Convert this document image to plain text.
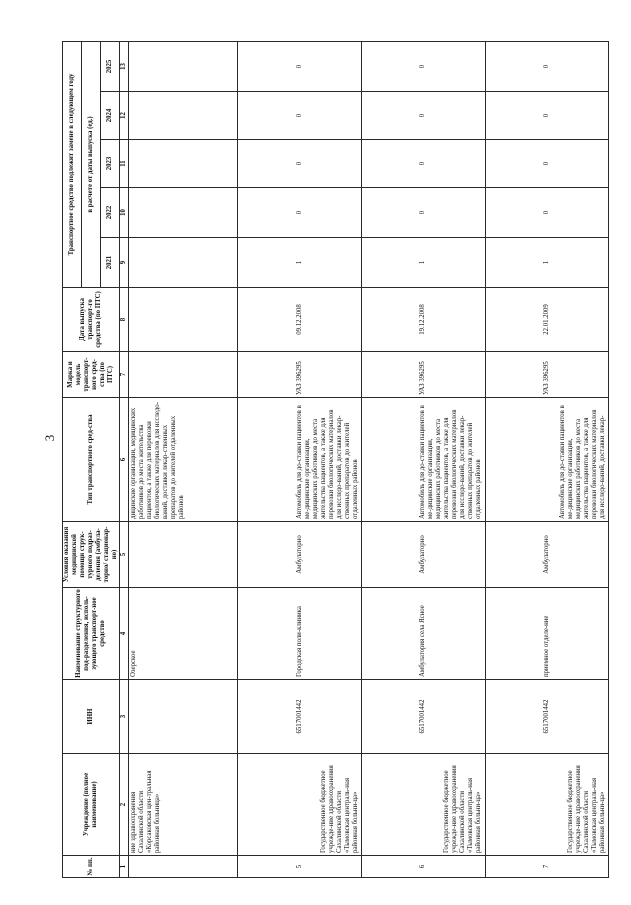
3
№ пп.	Учреждение (полное наименование)	ИНН	Наименование структурного под-разделения, исполь-зующего транспорт-ное средство	Условия оказания медицинской помощи струк-турного подраз-деления (амбула-торно/ стационар-но)	Тип транспортного сред-ства	Марка и модель транспорт-ного сред-ства (по ПТС)	Дата выпуска транспорт-го средства (по ПТС)	Транспортное средство подлежит замене в следующем году				
								в расчете от даты выпуска (ед.)				
								2021	2022	2023	2024	2025
1	2	3	4	5	6	7	8	9	10	11	12	13
	ние здравоохранения Сахалинской области «Корсаковская цен-тральная районная больница»		Озерское		дицинские организации, медицинских работников до места жительства пациентов, а также для перевозки биологических материалов для исследо-ваний, доставки лекар-ственных препаратов до жителей отдаленных районов							
5	Государственное бюджетное учрежде-ние здравоохранения Сахалинской области «Тымовская централь-ная районная больни-ца»	6517001442	Городская поли-клиника	Амбулаторно	Автомобиль для до-ставки пациентов в ме-дицинские организации, медицинских работников до места жительства пациентов, а также для перевозки биологических материалов для исследо-ваний, доставки лекар-ственных препаратов до жителей отдаленных районов	УАЗ 396295	09.12.2008	1	0	0	0	0
6	Государственное бюджетное учрежде-ние здравоохранения Сахалинской области «Тымовская централь-ная районная больни-ца»	6517001442	Амбулатория села Ясное	Амбулаторно	Автомобиль для до-ставки пациентов в ме-дицинские организации, медицинских работников до места жительства пациентов, а также для перевозки биологических материалов для исследо-ваний, доставки лекар-ственных препаратов до жителей отдаленных районов	УАЗ 396295	19.12.2008	1	0	0	0	0
7	Государственное бюджетное учрежде-ние здравоохранения Сахалинской области «Тымовская централь-ная районная больни-ца»	6517001442	приемное отделе-ние	Амбулаторно	Автомобиль для до-ставки пациентов в ме-дицинские организации, медицинских работников до места жительства пациентов, а также для перевозки биологических материалов для исследо-ваний, доставки лекар-	УАЗ 396295	22.01.2009	1	0	0	0	0
